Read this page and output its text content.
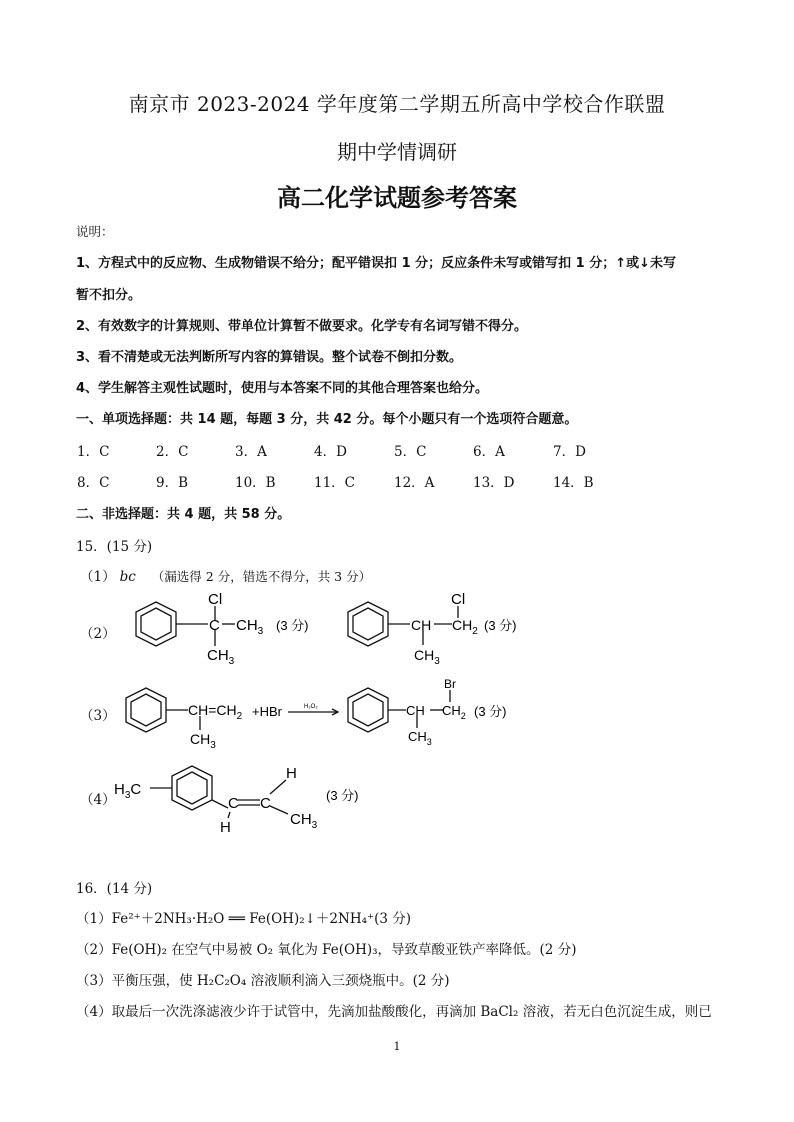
南京市 2023-2024 学年度第二学期五所高中学校合作联盟
期中学情调研
高二化学试题参考答案
说明：
1、方程式中的反应物、生成物错误不给分；配平错误扣 1 分；反应条件未写或错写扣 1 分；↑或↓未写
暂不扣分。
2、有效数字的计算规则、带单位计算暂不做要求。化学专有名词写错不得分。
3、看不清楚或无法判断所写内容的算错误。整个试卷不倒扣分数。
4、学生解答主观性试题时，使用与本答案不同的其他合理答案也给分。
一、单项选择题：共 14 题，每题 3 分，共 42 分。每个小题只有一个选项符合题意。
1．C	2．C	3．A	4．D	5．C	6．A	7．D
8．C	9．B	10．B	11．C	12．A	13．D	14．B
二、非选择题：共 4 题，共 58 分。
15．(15 分)
（1） bc （漏选得 2 分，错选不得分，共 3 分）
（2）
Cl
C $CH_3$
$CH_3$
(3 分)	CH
Cl
$CH_2$
$CH_3$
(3 分)
（3）	$CH=CH_2$
$CH_3$
+HBr	H₂O₂	CH
Br
$CH_2$
$CH_3$
(3 分)
（4）
$H_3C$
C C
H
H	$CH_3$
(3 分)
16．(14 分)
（1）Fe²⁺＋2NH₃·H₂O ══ Fe(OH)₂↓＋2NH₄⁺(3 分)
（2）Fe(OH)₂ 在空气中易被 O₂ 氧化为 Fe(OH)₃，导致草酸亚铁产率降低。(2 分)
（3）平衡压强，使 H₂C₂O₄ 溶液顺利滴入三颈烧瓶中。(2 分)
（4）取最后一次洗涤滤液少许于试管中，先滴加盐酸酸化，再滴加 BaCl₂ 溶液，若无白色沉淀生成，则已
1
